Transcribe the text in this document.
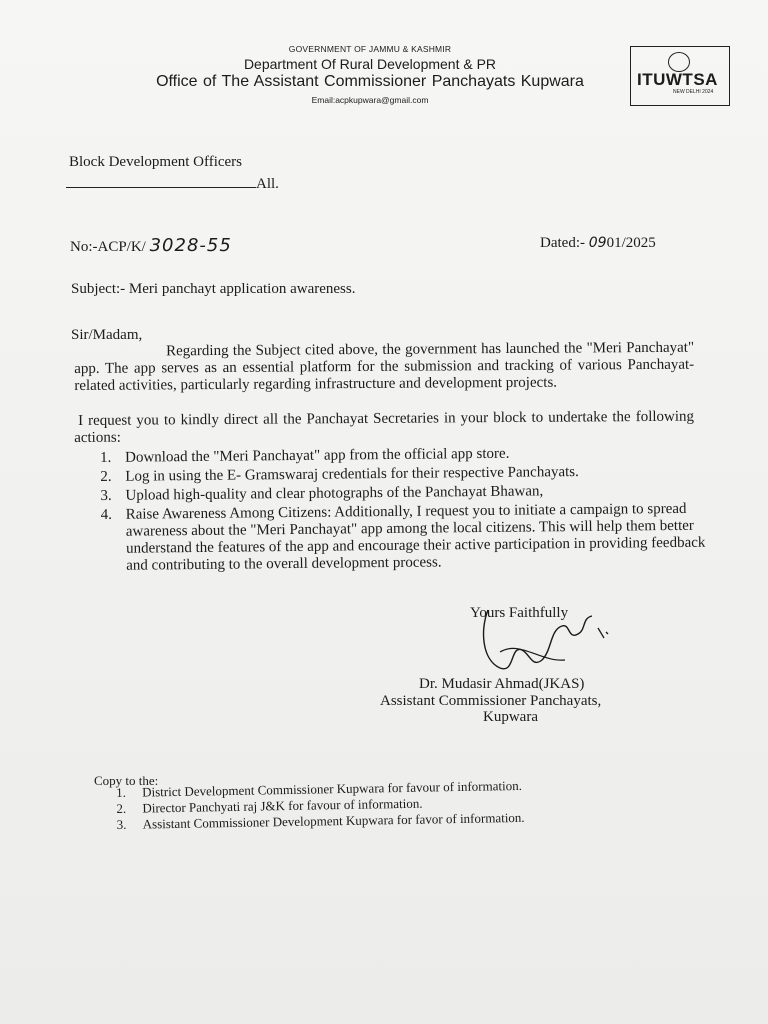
GOVERNMENT OF JAMMU & KASHMIR
Department Of Rural Development & PR
Office of The Assistant Commissioner Panchayats Kupwara
Email:acpkupwara@gmail.com
ITUWTSA
NEW DELHI 2024
Block Development Officers
All.
No:-ACP/K/ 3028-55	Dated:- 0901/2025
Subject:- Meri panchayt application awareness.
Sir/Madam,
Regarding the Subject cited above, the government has launched the "Meri Panchayat" app. The app serves as an essential platform for the submission and tracking of various Panchayat-related activities, particularly regarding infrastructure and development projects.
I request you to kindly direct all the Panchayat Secretaries in your block to undertake the following actions:
1. Download the "Meri Panchayat" app from the official app store.
2. Log in using the E- Gramswaraj credentials for their respective Panchayats.
3. Upload high-quality and clear photographs of the Panchayat Bhawan,
4. Raise Awareness Among Citizens: Additionally, I request you to initiate a campaign to spread awareness about the "Meri Panchayat" app among the local citizens. This will help them better understand the features of the app and encourage their active participation in providing feedback and contributing to the overall development process.
Yours Faithfully
Dr. Mudasir Ahmad(JKAS)
Assistant Commissioner Panchayats,
Kupwara
Copy to the:
1. District Development Commissioner Kupwara for favour of information.
2. Director Panchyati raj J&K for favour of information.
3. Assistant Commissioner Development Kupwara for favor of information.
